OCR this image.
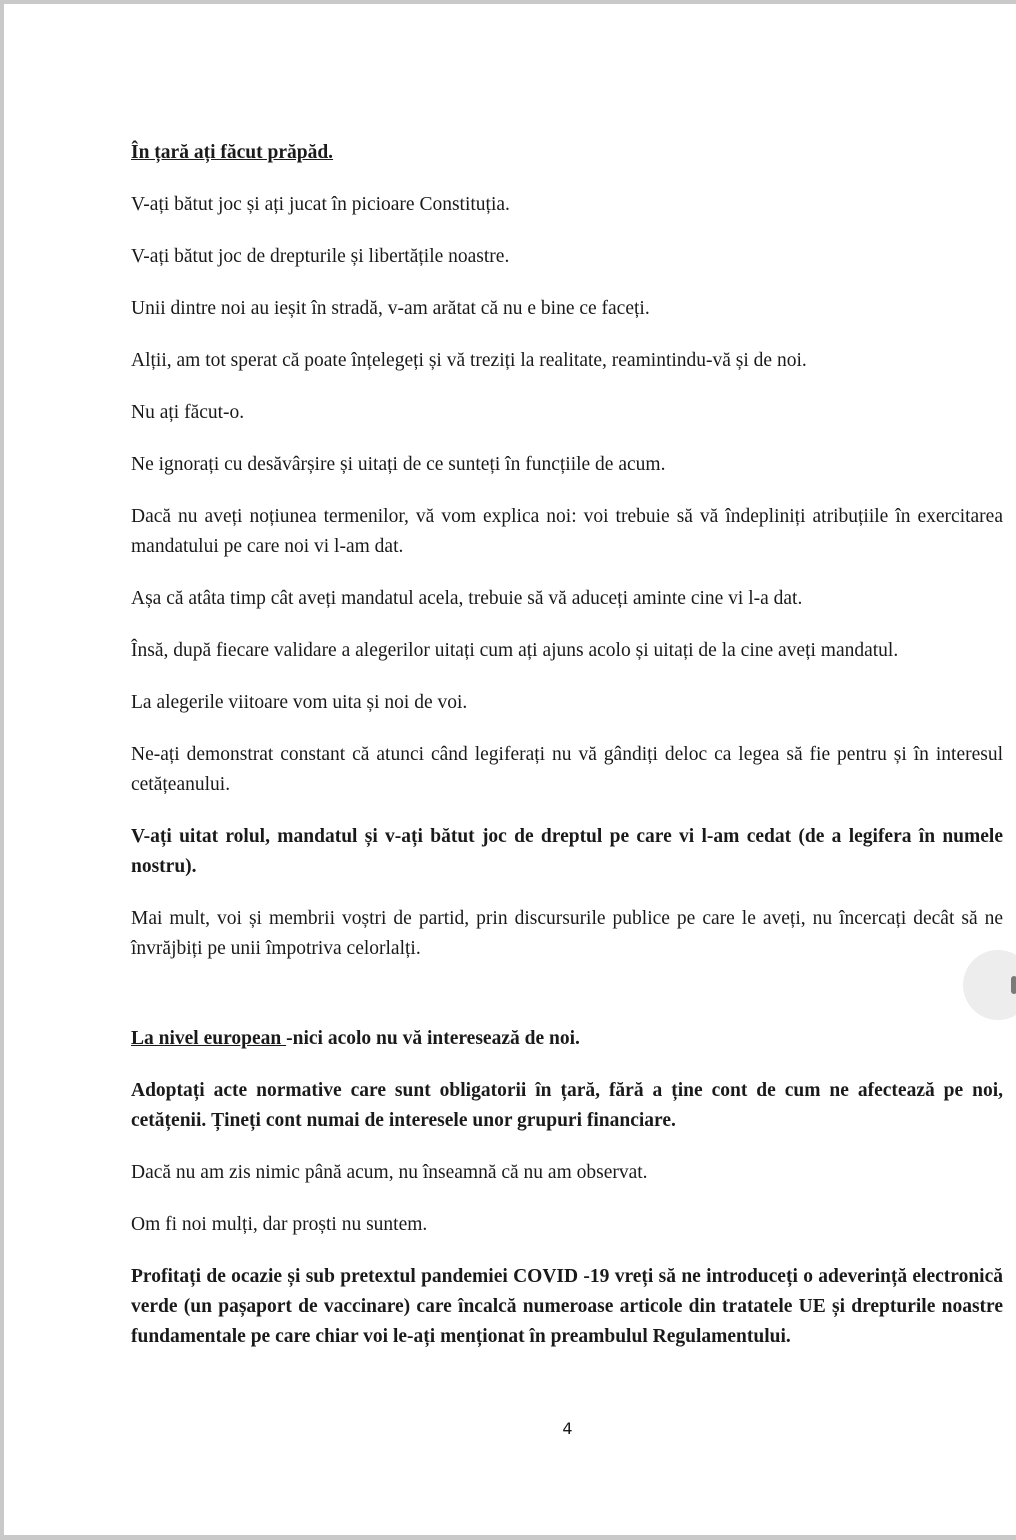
În țară ați făcut prăpăd.

V-ați bătut joc și ați jucat în picioare Constituția.

V-ați bătut joc de drepturile și libertățile noastre.

Unii dintre noi au ieșit în stradă, v-am arătat că nu e bine ce faceți.

Alții, am tot sperat că poate înțelegeți și vă treziți la realitate, reamintindu-vă și de noi.

Nu ați făcut-o.

Ne ignorați cu desăvârșire și uitați de ce sunteți în funcțiile de acum.

Dacă nu aveți noțiunea termenilor, vă vom explica noi: voi trebuie să vă îndepliniți atribuțiile în exercitarea mandatului pe care noi vi l-am dat.

Așa că atâta timp cât aveți mandatul acela, trebuie să vă aduceți aminte cine vi l-a dat.

Însă, după fiecare validare a alegerilor uitați cum ați ajuns acolo și uitați de la cine aveți mandatul.

La alegerile viitoare vom uita și noi de voi.

Ne-ați demonstrat constant că atunci când legiferați nu vă gândiți deloc ca legea să fie pentru și în interesul cetățeanului.

V-ați uitat rolul, mandatul și v-ați bătut joc de dreptul pe care vi l-am cedat (de a legifera în numele nostru).

Mai mult, voi și membrii voștri de partid, prin discursurile publice pe care le aveți, nu încercați decât să ne învrăjbiți pe unii împotriva celorlalți.

La nivel european -nici acolo nu vă interesează de noi.

Adoptați acte normative care sunt obligatorii în țară, fără a ține cont de cum ne afectează pe noi, cetățenii. Țineți cont numai de interesele unor grupuri financiare.

Dacă nu am zis nimic până acum, nu înseamnă că nu am observat.

Om fi noi mulți, dar proști nu suntem.

Profitați de ocazie și sub pretextul pandemiei COVID -19 vreți să ne introduceți o adeverință electronică verde (un pașaport de vaccinare) care încalcă numeroase articole din tratatele UE și drepturile noastre fundamentale pe care chiar voi le-ați menționat în preambulul Regulamentului.

4
